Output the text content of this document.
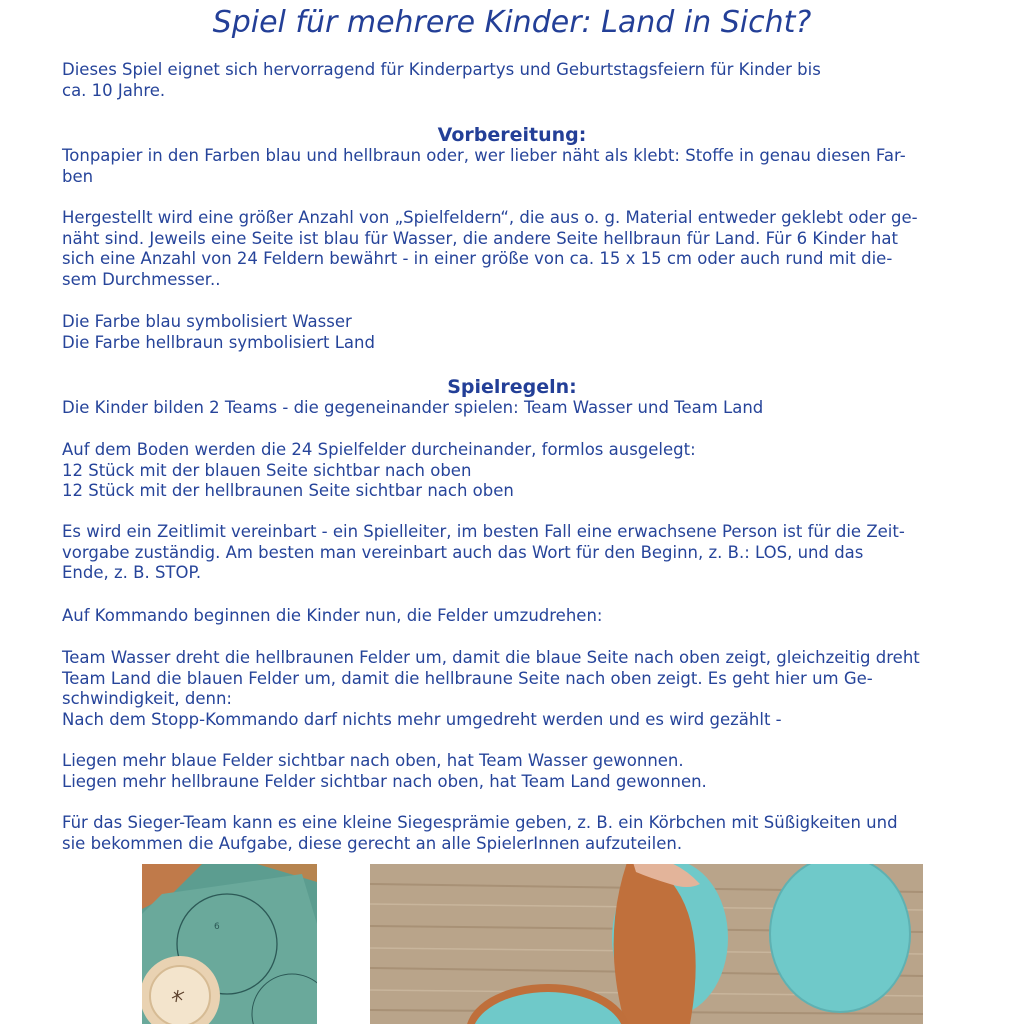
Spiel für mehrere Kinder: Land in Sicht?

Dieses Spiel eignet sich hervorragend für Kinderpartys und Geburtstagsfeiern für Kinder bis

ca. 10 Jahre.

Vorbereitung:

Tonpapier in den Farben blau und hellbraun oder, wer lieber näht als klebt: Stoffe in genau diesen Far-

ben

Hergestellt wird eine größer Anzahl von „Spielfeldern“, die aus o. g. Material entweder geklebt oder ge-

näht sind. Jeweils eine Seite ist blau für Wasser, die andere Seite hellbraun für Land. Für 6 Kinder hat

sich eine Anzahl von 24 Feldern bewährt - in einer größe von ca. 15 x 15 cm oder auch rund mit die-

sem Durchmesser..

Die Farbe blau symbolisiert Wasser

Die Farbe hellbraun symbolisiert Land

Spielregeln:

Die Kinder bilden 2 Teams - die gegeneinander spielen: Team Wasser und Team Land

Auf dem Boden werden die 24 Spielfelder durcheinander, formlos ausgelegt:

12 Stück mit der blauen Seite sichtbar nach oben

12 Stück mit der hellbraunen Seite sichtbar nach oben

Es wird ein Zeitlimit vereinbart - ein Spielleiter, im besten Fall eine erwachsene Person ist für die Zeit-

vorgabe zuständig. Am besten man vereinbart auch das Wort für den Beginn, z. B.: LOS, und das

Ende, z. B. STOP.

Auf Kommando beginnen die Kinder nun, die Felder umzudrehen:

Team Wasser dreht die hellbraunen Felder um, damit die blaue Seite nach oben zeigt, gleichzeitig dreht

Team Land die blauen Felder um, damit die hellbraune Seite nach oben zeigt. Es geht hier um Ge-

schwindigkeit, denn:

Nach dem Stopp-Kommando darf nichts mehr umgedreht werden und es wird gezählt -

Liegen mehr blaue Felder sichtbar nach oben, hat Team Wasser gewonnen.

Liegen mehr hellbraune Felder sichtbar nach oben, hat Team Land gewonnen.

Für das Sieger-Team kann es eine kleine Siegesprämie geben, z. B. ein Körbchen mit Süßigkeiten und

sie bekommen die Aufgabe, diese gerecht an alle SpielerInnen aufzuteilen.

6
